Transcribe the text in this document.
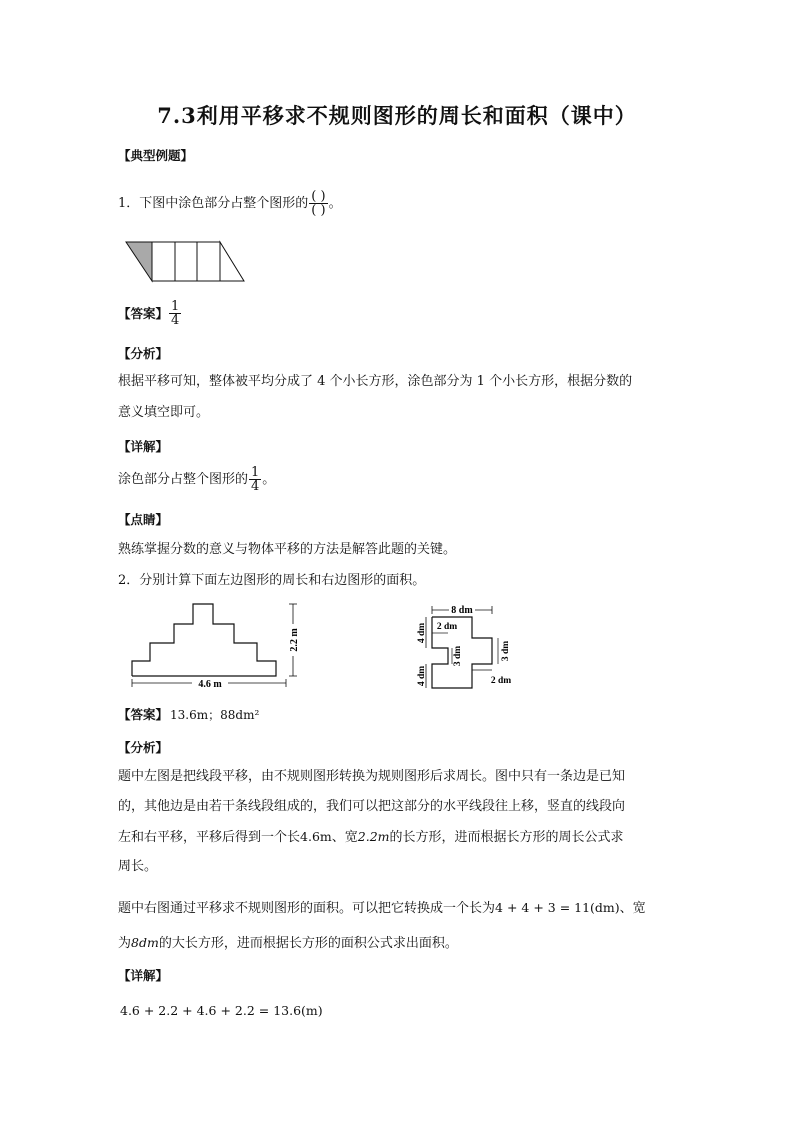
7.3利用平移求不规则图形的周长和面积（课中）
【典型例题】
1．下图中涂色部分占整个图形的 $\frac{( )}{( )}$ 。
【答案】 $\frac{1}{4}$
【分析】
根据平移可知，整体被平均分成了 4 个小长方形，涂色部分为 1 个小长方形，根据分数的
意义填空即可。
【详解】
涂色部分占整个图形的 $\frac{1}{4}$ 。
【点睛】
熟练掌握分数的意义与物体平移的方法是解答此题的关键。
2．分别计算下面左边图形的周长和右边图形的面积。
4.6 m
2.2 m
8 dm
4 dm
4 dm
2 dm
3 dm	3 dm
2 dm
【答案】 13.6m；88dm²
【分析】
题中左图是把线段平移，由不规则图形转换为规则图形后求周长。图中只有一条边是已知
的，其他边是由若干条线段组成的，我们可以把这部分的水平线段往上移，竖直的线段向
左和右平移，平移后得到一个长4.6m、宽2.2m的长方形，进而根据长方形的周长公式求
周长。
题中右图通过平移求不规则图形的面积。可以把它转换成一个长为4 + 4 + 3 = 11(dm)、宽
为8dm的大长方形，进而根据长方形的面积公式求出面积。
【详解】
4.6 + 2.2 + 4.6 + 2.2 = 13.6(m)
